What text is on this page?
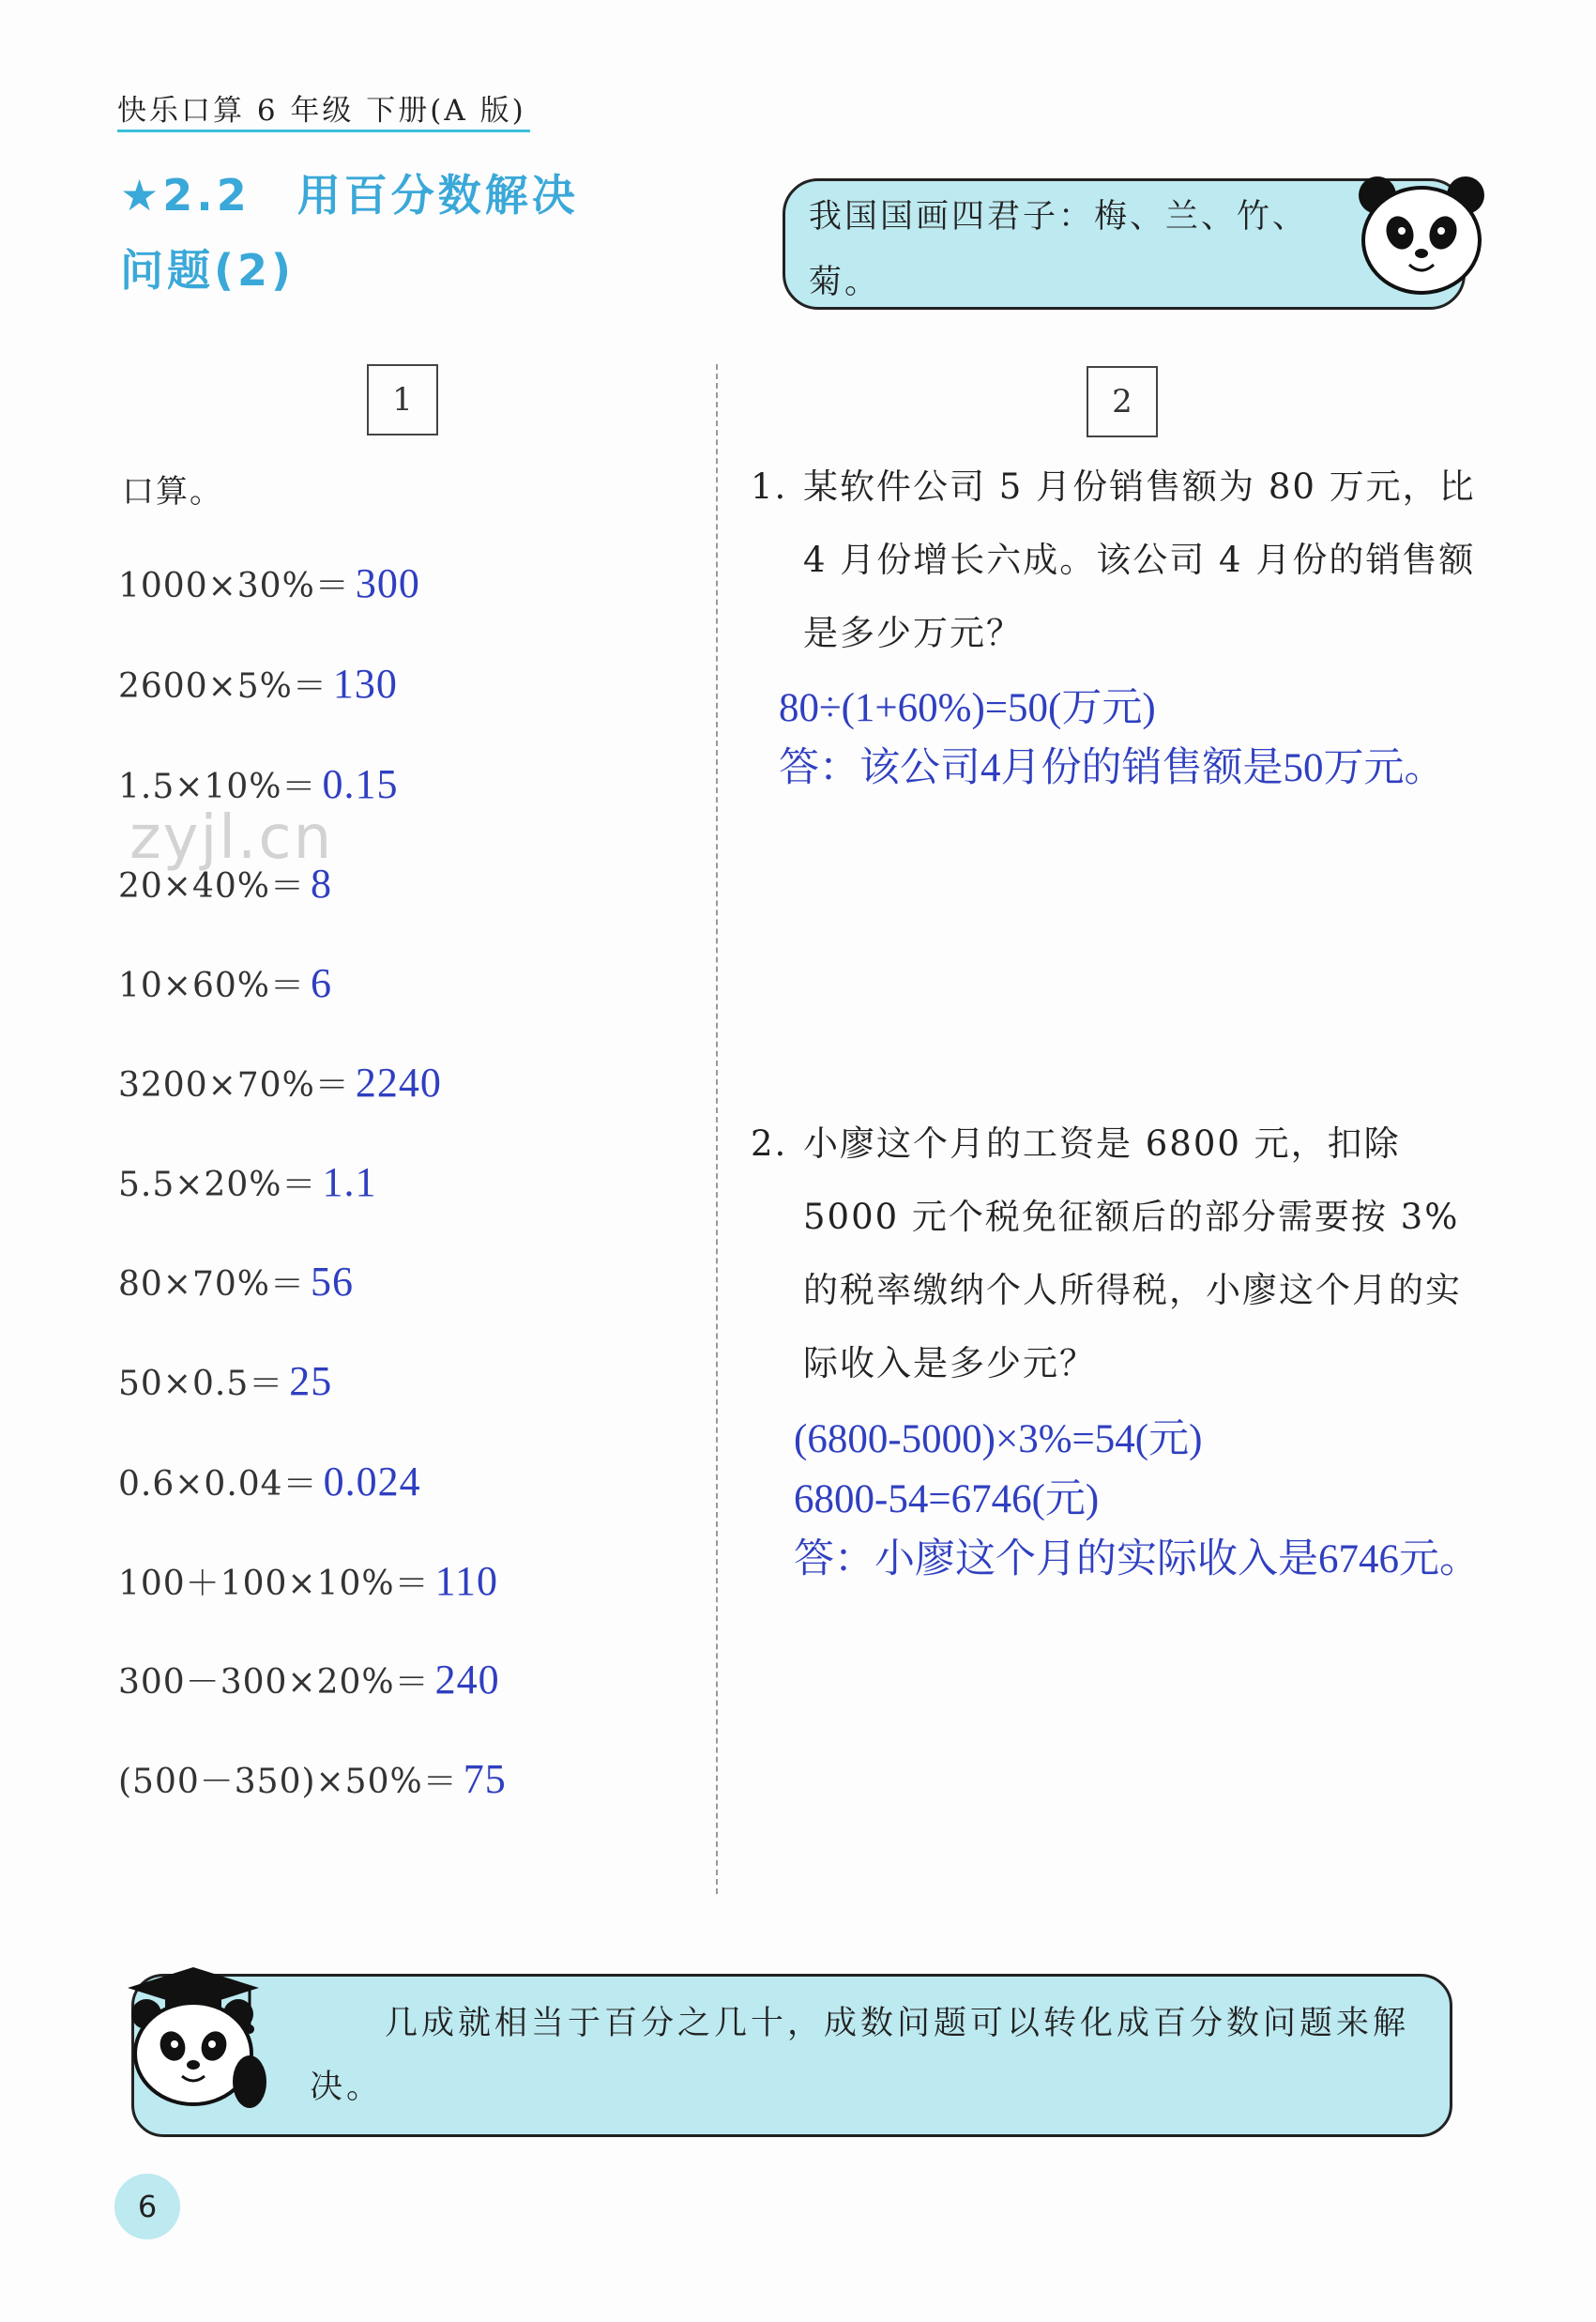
快乐口算 6 年级 下册(A 版)
★2.2　用百分数解决
问题(2)
我国国画四君子：梅、兰、竹、菊。
1	2
口算。
1000×30%＝ 300
2600×5%＝ 130
1.5×10%＝ 0.15
20×40%＝ 8
10×60%＝ 6
3200×70%＝ 2240
5.5×20%＝ 1.1
80×70%＝ 56
50×0.5＝ 25
0.6×0.04＝ 0.024
100＋100×10%＝ 110
300－300×20%＝ 240
(500－350)×50%＝ 75
zyjl.cn
1. 某软件公司 5 月份销售额为 80 万元，比 4 月份增长六成。该公司 4 月份的销售额是多少万元？
80÷(1+60%)=50(万元)
答：该公司4月份的销售额是50万元。
2. 小廖这个月的工资是 6800 元，扣除 5000 元个税免征额后的部分需要按 3%的税率缴纳个人所得税，小廖这个月的实际收入是多少元？
(6800-5000)×3%=54(元)
6800-54=6746(元)
答：小廖这个月的实际收入是6746元。
几成就相当于百分之几十，成数问题可以转化成百分数问题来解决。
6
